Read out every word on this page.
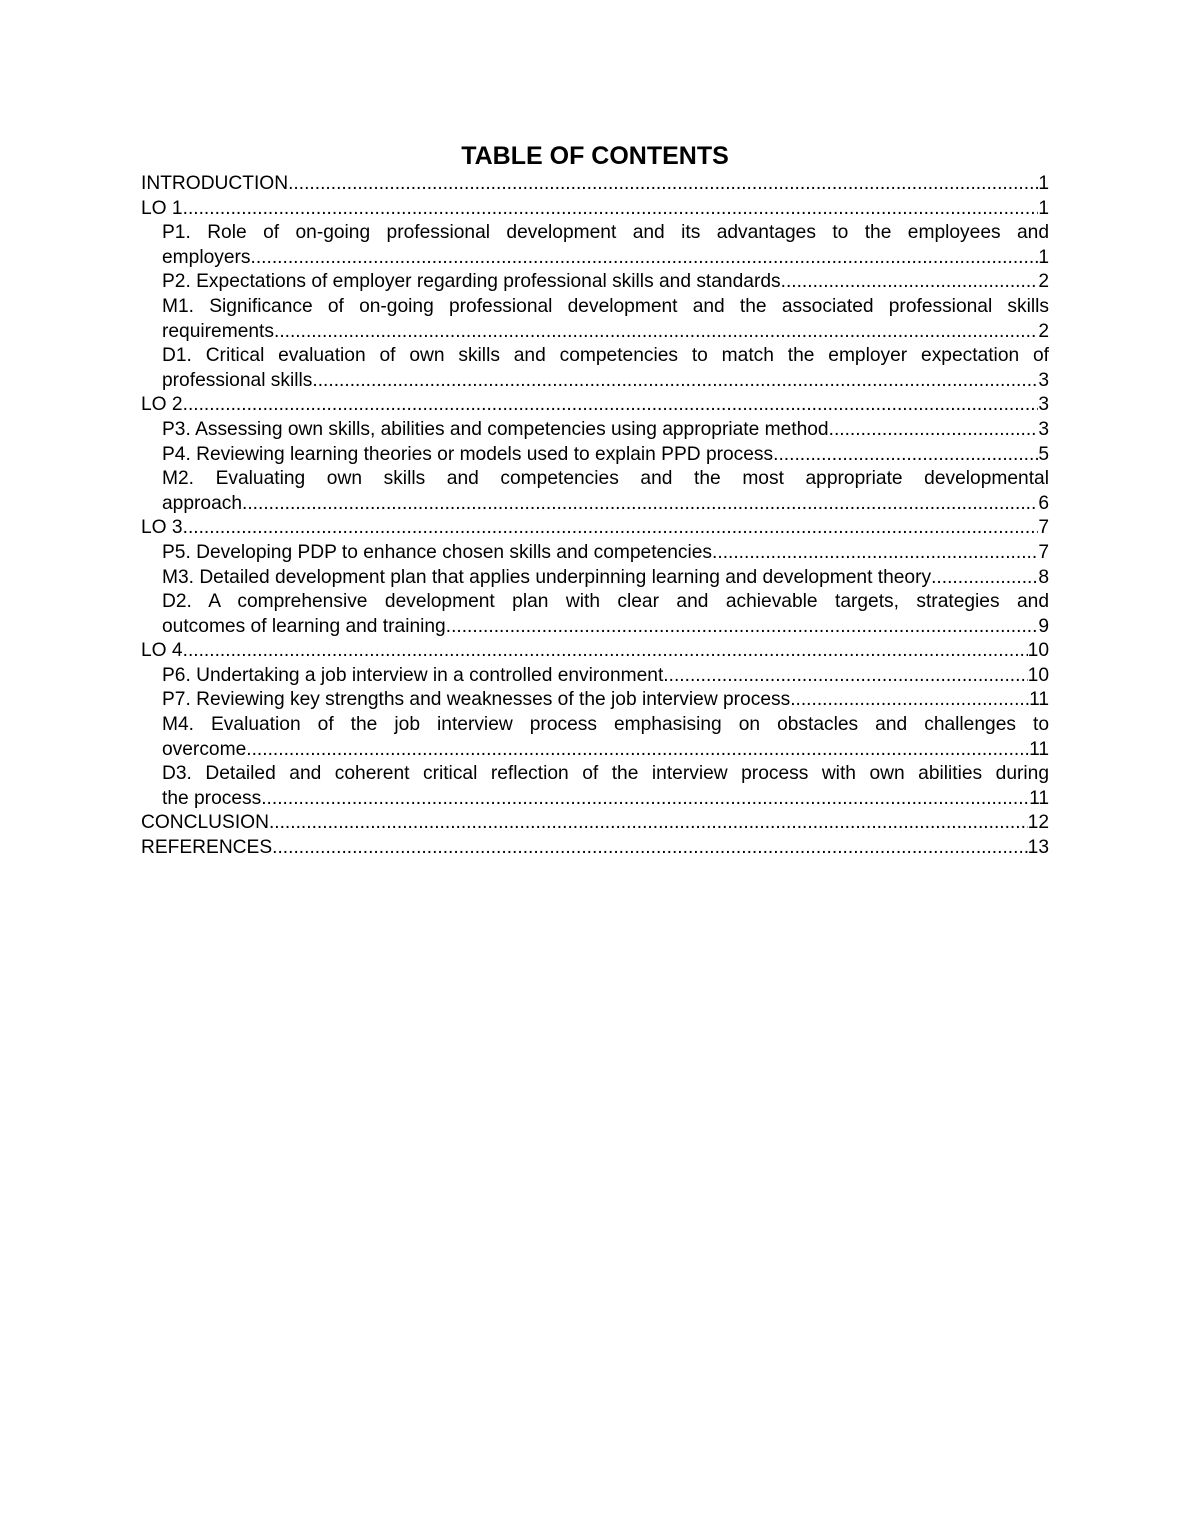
TABLE OF CONTENTS
INTRODUCTION .....	1
LO 1 .....	1
P1. Role of on-going professional development and its advantages to the employees and
employers .....	1
P2. Expectations of employer regarding professional skills and standards .....	2
M1. Significance of on-going professional development and the associated professional skills
requirements .....	2
D1. Critical evaluation of own skills and competencies to match the employer expectation of
professional skills .....	3
LO 2 .....	3
P3. Assessing own skills, abilities and competencies using appropriate method .....	3
P4. Reviewing learning theories or models used to explain PPD process .....	5
M2. Evaluating own skills and competencies and the most appropriate developmental
approach .....	6
LO 3 .....	7
P5. Developing PDP to enhance chosen skills and competencies .....	7
M3. Detailed development plan that applies underpinning learning and development theory .....	8
D2. A comprehensive development plan with clear and achievable targets, strategies and
outcomes of learning and training .....	9
LO 4 .....	10
P6. Undertaking a job interview in a controlled environment .....	10
P7. Reviewing key strengths and weaknesses of the job interview process .....	11
M4. Evaluation of the job interview process emphasising on obstacles and challenges to
overcome .....	11
D3. Detailed and coherent critical reflection of the interview process with own abilities during
the process .....	11
CONCLUSION .....	12
REFERENCES .....	13
